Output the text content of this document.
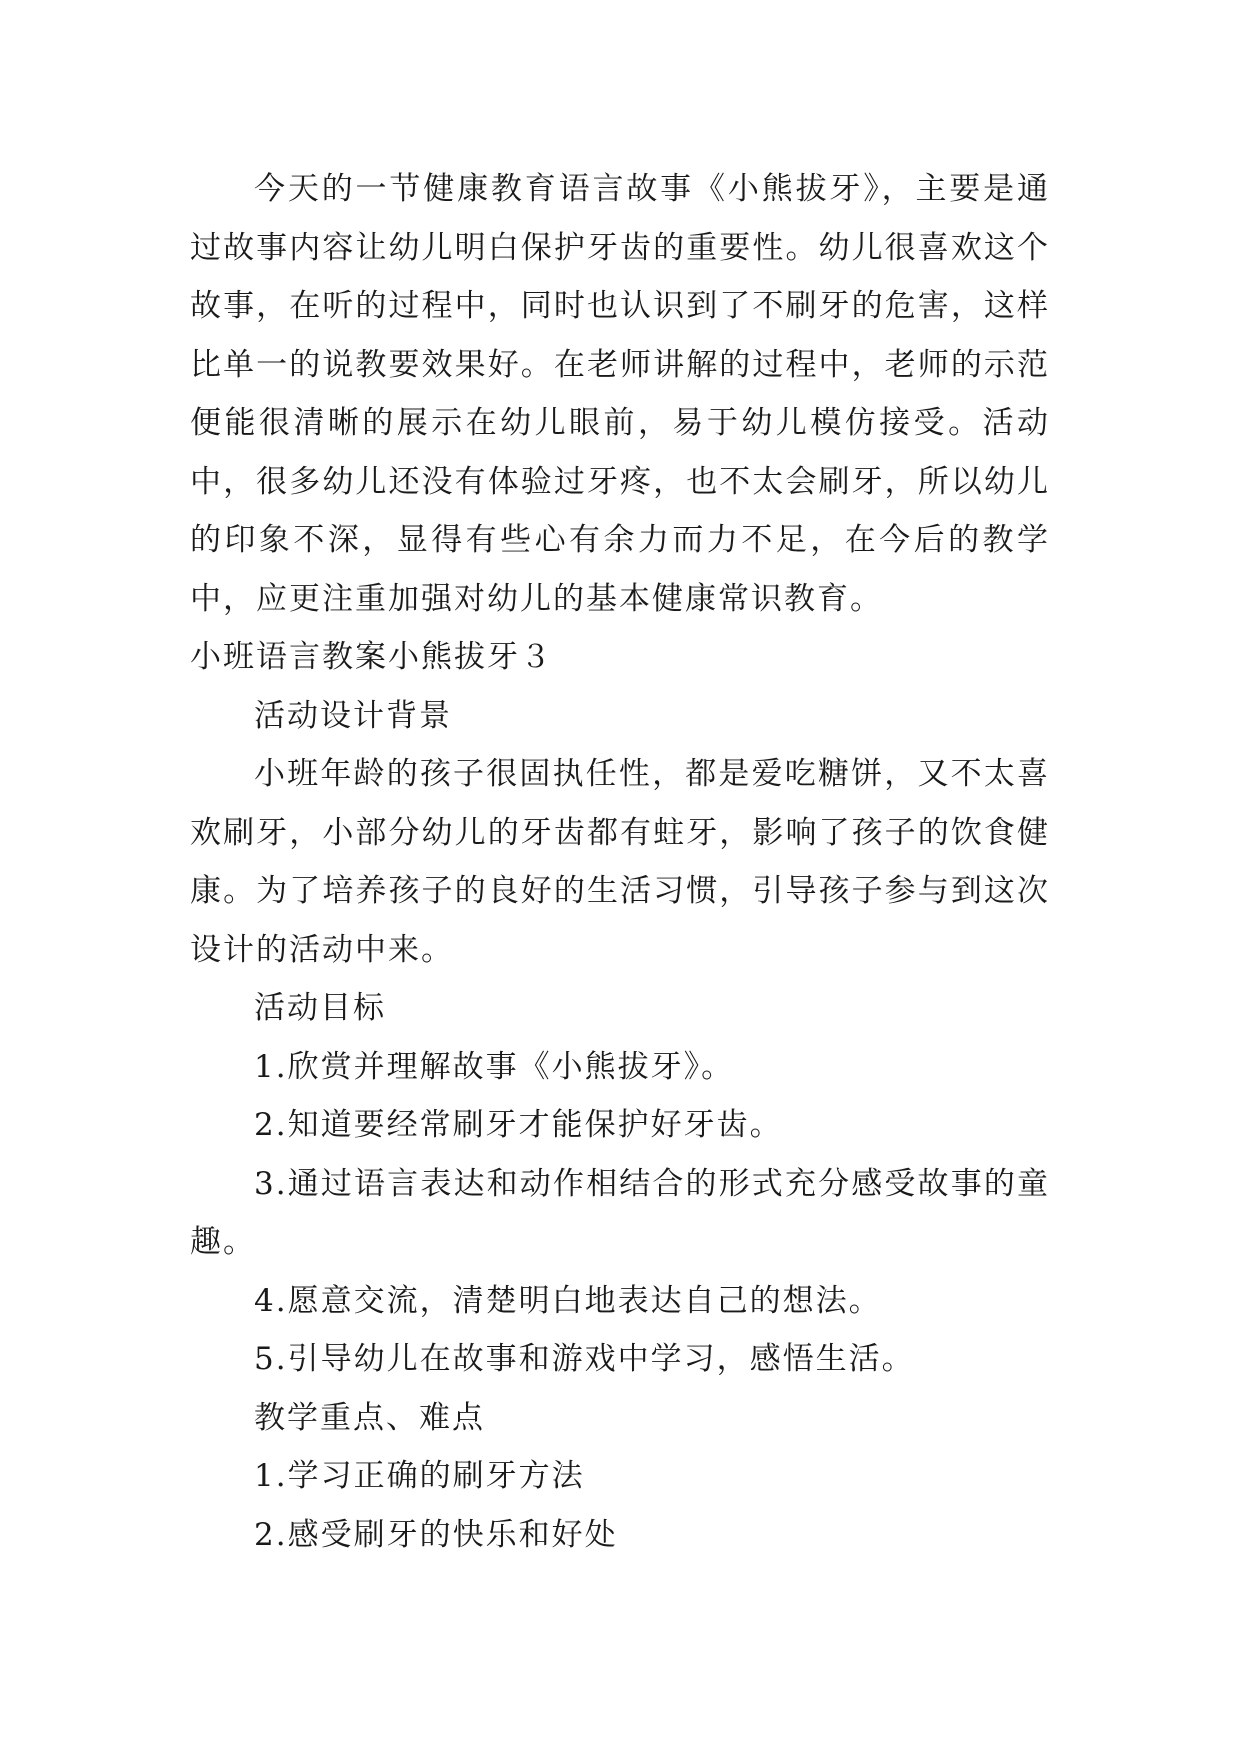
今天的一节健康教育语言故事《小熊拔牙》，主要是通过故事内容让幼儿明白保护牙齿的重要性。幼儿很喜欢这个故事，在听的过程中，同时也认识到了不刷牙的危害，这样比单一的说教要效果好。在老师讲解的过程中，老师的示范便能很清晰的展示在幼儿眼前，易于幼儿模仿接受。活动中，很多幼儿还没有体验过牙疼，也不太会刷牙，所以幼儿的印象不深，显得有些心有余力而力不足，在今后的教学中，应更注重加强对幼儿的基本健康常识教育。

小班语言教案小熊拔牙３

活动设计背景

小班年龄的孩子很固执任性，都是爱吃糖饼，又不太喜欢刷牙，小部分幼儿的牙齿都有蛀牙，影响了孩子的饮食健康。为了培养孩子的良好的生活习惯，引导孩子参与到这次设计的活动中来。

活动目标

1.欣赏并理解故事《小熊拔牙》。

2.知道要经常刷牙才能保护好牙齿。

3.通过语言表达和动作相结合的形式充分感受故事的童趣。

4.愿意交流，清楚明白地表达自己的想法。

5.引导幼儿在故事和游戏中学习，感悟生活。

教学重点、难点

1.学习正确的刷牙方法

2.感受刷牙的快乐和好处
